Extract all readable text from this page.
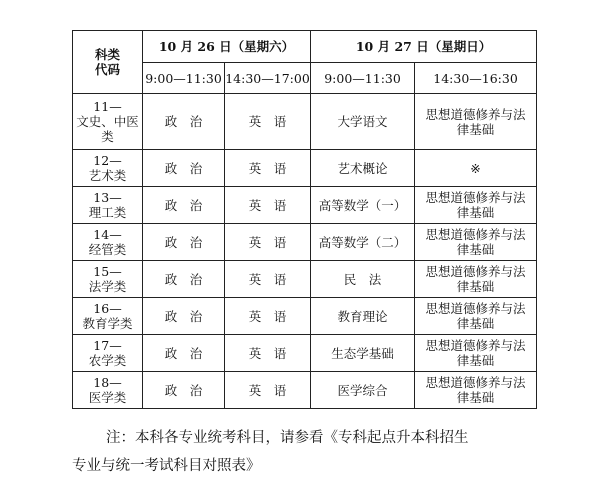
科类
代码	10 月 26 日（星期六）		10 月 27 日（星期日）	
	9:00—11:30	14:30—17:00	9:00—11:30	14:30—16:30

11—
文史、中医类	政　治	英　语	大学语文	思想道德修养与法律基础

12—
艺术类	政　治	英　语	艺术概论	※

13—
理工类	政　治	英　语	高等数学（一）	思想道德修养与法律基础

14—
经管类	政　治	英　语	高等数学（二）	思想道德修养与法律基础

15—
法学类	政　治	英　语	民　法	思想道德修养与法律基础

16—
教育学类	政　治	英　语	教育理论	思想道德修养与法律基础

17—
农学类	政　治	英　语	生态学基础	思想道德修养与法律基础

18—
医学类	政　治	英　语	医学综合	思想道德修养与法律基础
注：本科各专业统考科目，请参看《专科起点升本科招生
专业与统一考试科目对照表》
